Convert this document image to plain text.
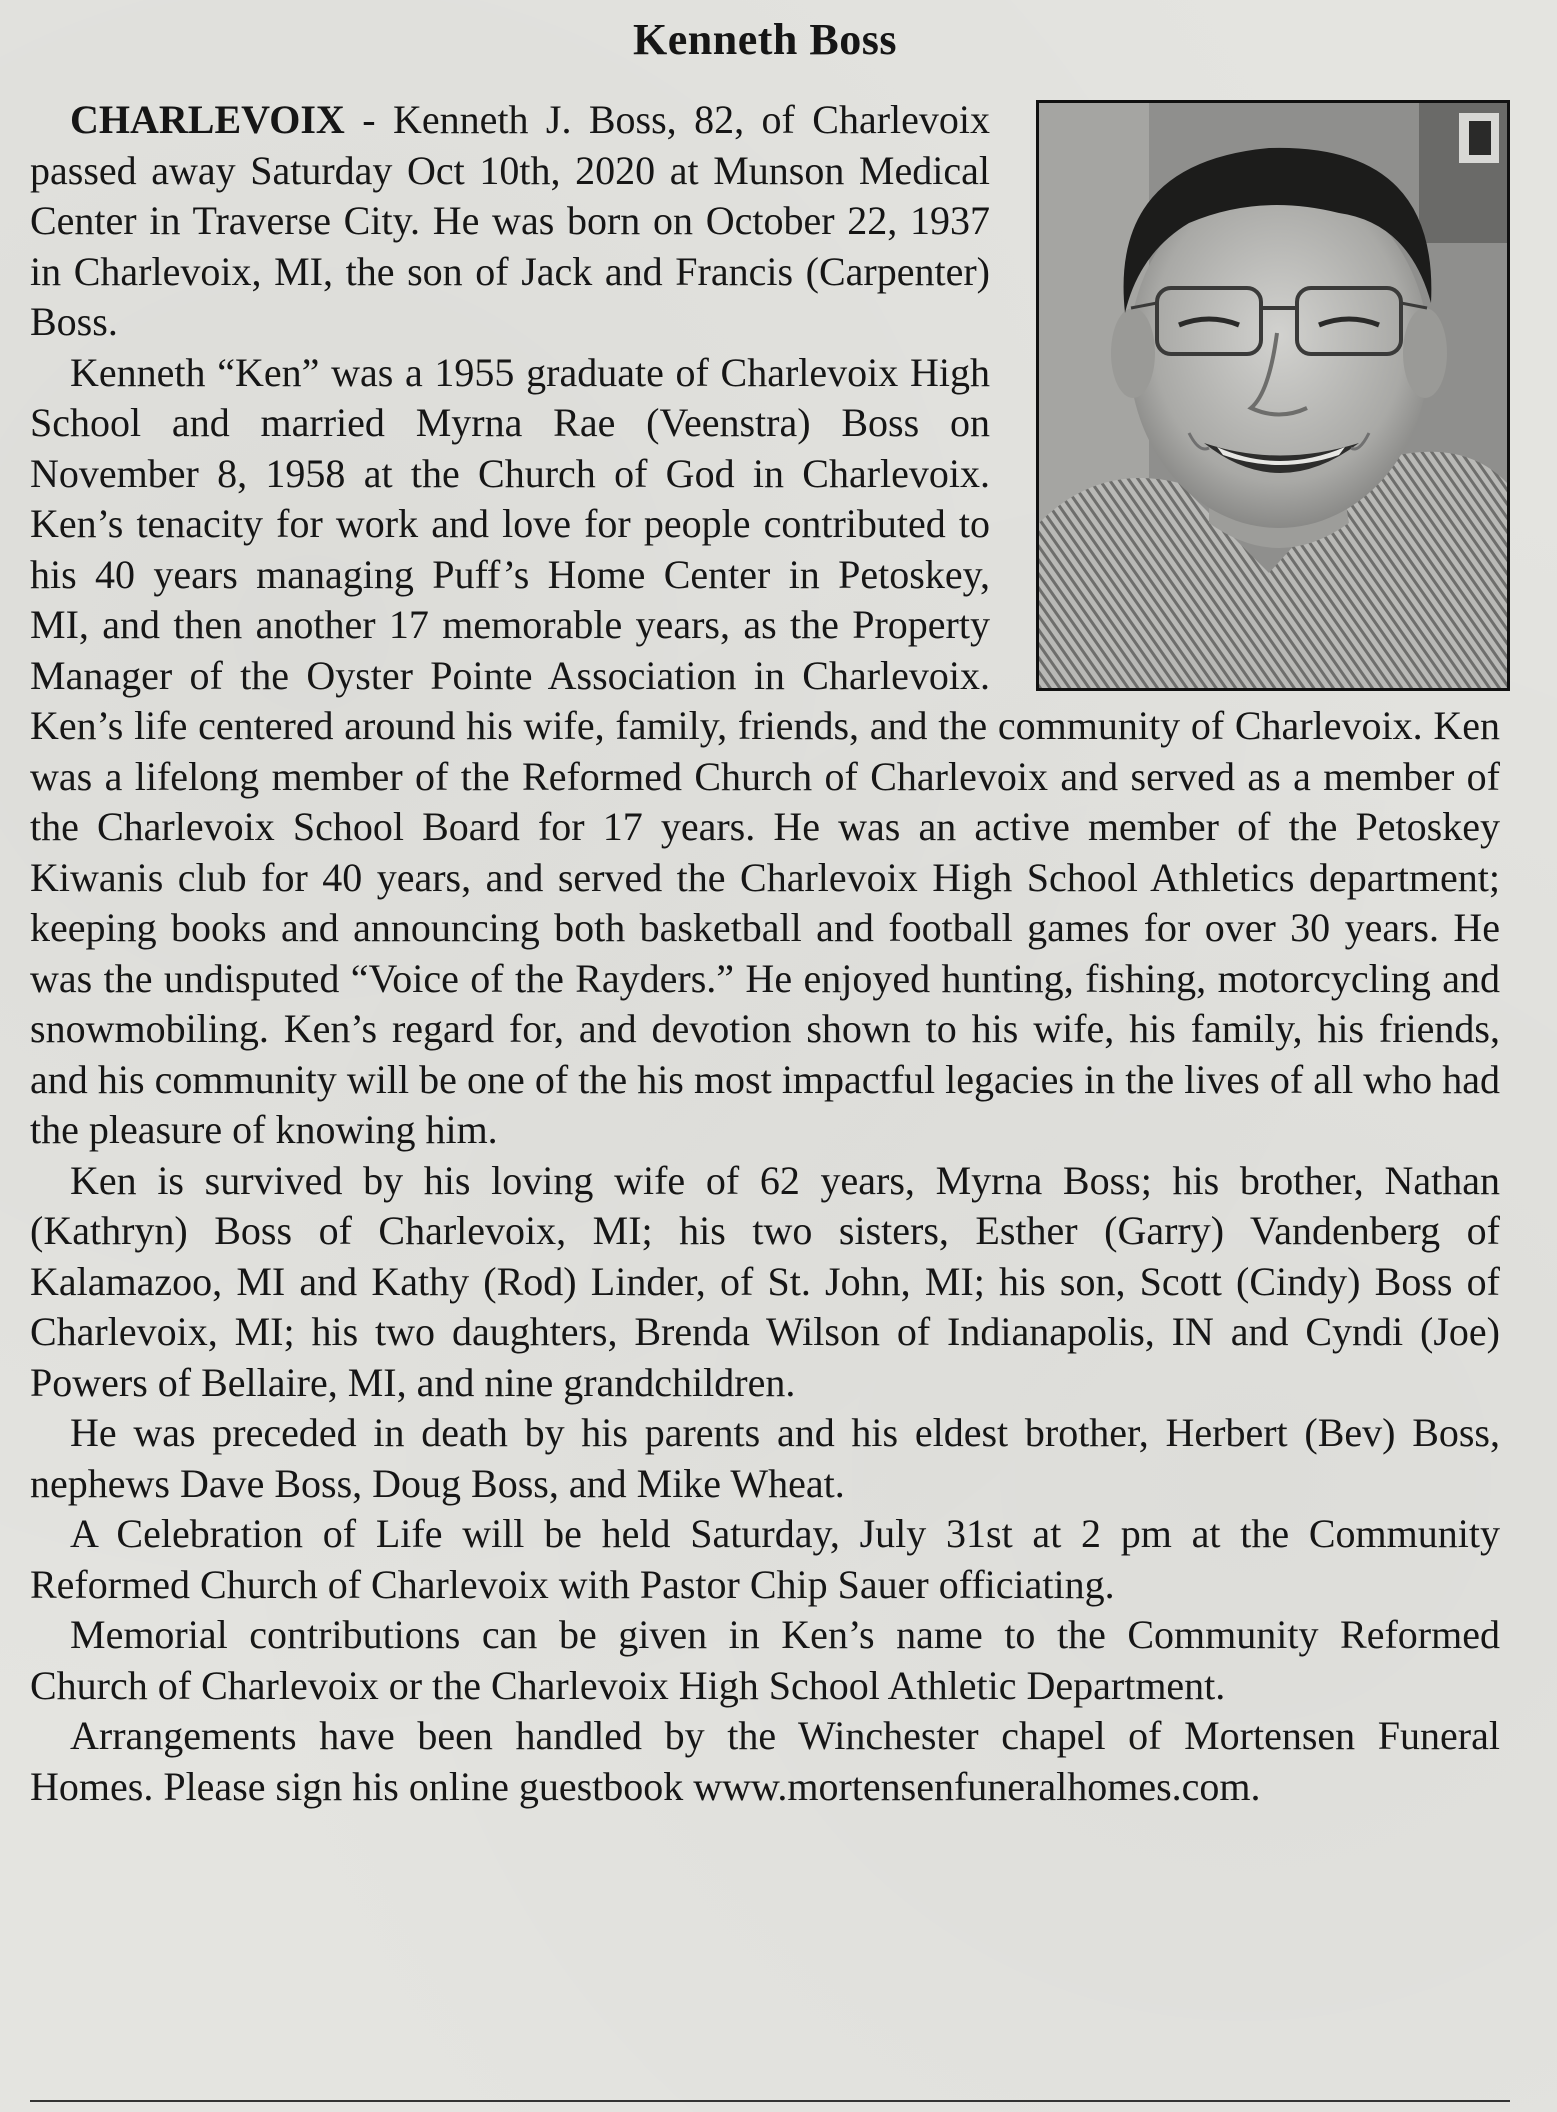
Kenneth Boss

CHARLEVOIX - Kenneth J. Boss, 82, of Charlevoix passed away Saturday Oct 10th, 2020 at Munson Medical Center in Traverse City. He was born on October 22, 1937 in Charlevoix, MI, the son of Jack and Francis (Carpenter) Boss.

Kenneth “Ken” was a 1955 graduate of Charlevoix High School and married Myrna Rae (Veenstra) Boss on November 8, 1958 at the Church of God in Charlevoix. Ken’s tenacity for work and love for people contributed to his 40 years managing Puff’s Home Center in Petoskey, MI, and then another 17 memorable years, as the Property Manager of the Oyster Pointe Association in Charlevoix. Ken’s life centered around his wife, family, friends, and the community of Charlevoix. Ken was a lifelong member of the Reformed Church of Charlevoix and served as a member of the Charlevoix School Board for 17 years. He was an active member of the Petoskey Kiwanis club for 40 years, and served the Charlevoix High School Athletics department; keeping books and announcing both basketball and football games for over 30 years. He was the undisputed “Voice of the Rayders.” He enjoyed hunting, fishing, motorcycling and snowmobiling. Ken’s regard for, and devotion shown to his wife, his family, his friends, and his community will be one of the his most impactful legacies in the lives of all who had the pleasure of knowing him.

Ken is survived by his loving wife of 62 years, Myrna Boss; his brother, Nathan (Kathryn) Boss of Charlevoix, MI; his two sisters, Esther (Garry) Vandenberg of Kalamazoo, MI and Kathy (Rod) Linder, of St. John, MI; his son, Scott (Cindy) Boss of Charlevoix, MI; his two daughters, Brenda Wilson of Indianapolis, IN and Cyndi (Joe) Powers of Bellaire, MI, and nine grandchildren.

He was preceded in death by his parents and his eldest brother, Herbert (Bev) Boss, nephews Dave Boss, Doug Boss, and Mike Wheat.

A Celebration of Life will be held Saturday, July 31st at 2 pm at the Community Reformed Church of Charlevoix with Pastor Chip Sauer officiating.

Memorial contributions can be given in Ken’s name to the Community Reformed Church of Charlevoix or the Charlevoix High School Athletic Department.

Arrangements have been handled by the Winchester chapel of Mortensen Funeral Homes. Please sign his online guestbook www.mortensenfuneralhomes.com.
